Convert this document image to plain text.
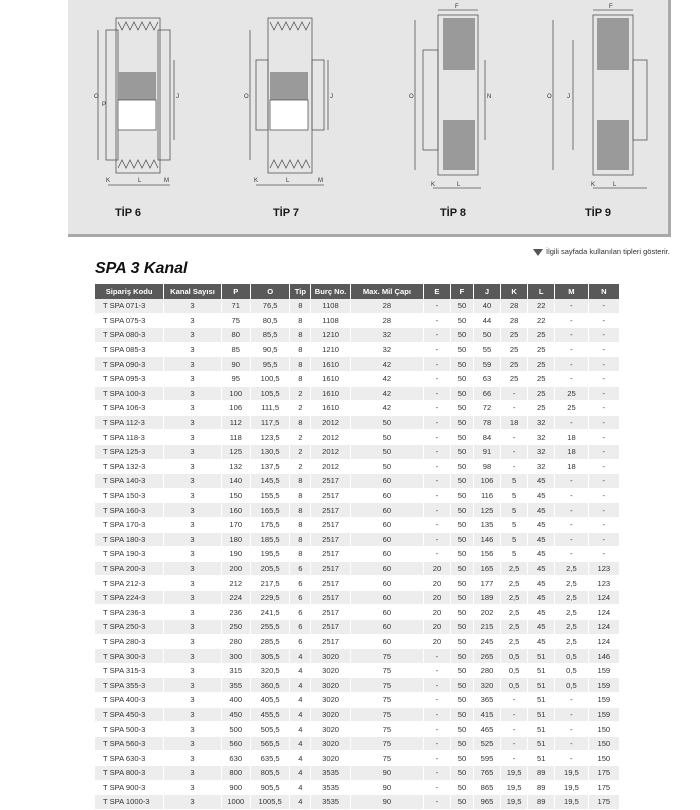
O
P
J
K	L	M
O	J
K	L	M
F
O	N
K	L
F
O	J
K	L
TİP 6	TİP 7	TİP 8	TİP 9
İlgili sayfada kullanılan tipleri gösterir.
SPA 3 Kanal
Sipariş Kodu	Kanal Sayısı	P	O	Tip	Burç No.	Max. Mil Çapı	E	F	J	K	L	M	N
T SPA 071-3	3	71	76,5	8	1108	28	-	50	40	28	22	-	-
T SPA 075-3	3	75	80,5	8	1108	28	-	50	44	28	22	-	-
T SPA 080-3	3	80	85,5	8	1210	32	-	50	50	25	25	-	-
T SPA 085-3	3	85	90,5	8	1210	32	-	50	55	25	25	-	-
T SPA 090-3	3	90	95,5	8	1610	42	-	50	59	25	25	-	-
T SPA 095-3	3	95	100,5	8	1610	42	-	50	63	25	25	-	-
T SPA 100-3	3	100	105,5	2	1610	42	-	50	66	-	25	25	-
T SPA 106-3	3	106	111,5	2	1610	42	-	50	72	-	25	25	-
T SPA 112-3	3	112	117,5	8	2012	50	-	50	78	18	32	-	-
T SPA 118-3	3	118	123,5	2	2012	50	-	50	84	-	32	18	-
T SPA 125-3	3	125	130,5	2	2012	50	-	50	91	-	32	18	-
T SPA 132-3	3	132	137,5	2	2012	50	-	50	98	-	32	18	-
T SPA 140-3	3	140	145,5	8	2517	60	-	50	106	5	45	-	-
T SPA 150-3	3	150	155,5	8	2517	60	-	50	116	5	45	-	-
T SPA 160-3	3	160	165,5	8	2517	60	-	50	125	5	45	-	-
T SPA 170-3	3	170	175,5	8	2517	60	-	50	135	5	45	-	-
T SPA 180-3	3	180	185,5	8	2517	60	-	50	146	5	45	-	-
T SPA 190-3	3	190	195,5	8	2517	60	-	50	156	5	45	-	-
T SPA 200-3	3	200	205,5	6	2517	60	20	50	165	2,5	45	2,5	123
T SPA 212-3	3	212	217,5	6	2517	60	20	50	177	2,5	45	2,5	123
T SPA 224-3	3	224	229,5	6	2517	60	20	50	189	2,5	45	2,5	124
T SPA 236-3	3	236	241,5	6	2517	60	20	50	202	2,5	45	2,5	124
T SPA 250-3	3	250	255,5	6	2517	60	20	50	215	2,5	45	2,5	124
T SPA 280-3	3	280	285,5	6	2517	60	20	50	245	2,5	45	2,5	124
T SPA 300-3	3	300	305,5	4	3020	75	-	50	265	0,5	51	0,5	146
T SPA 315-3	3	315	320,5	4	3020	75	-	50	280	0,5	51	0,5	159
T SPA 355-3	3	355	360,5	4	3020	75	-	50	320	0,5	51	0,5	159
T SPA 400-3	3	400	405,5	4	3020	75	-	50	365	-	51	-	159
T SPA 450-3	3	450	455,5	4	3020	75	-	50	415	-	51	-	159
T SPA 500-3	3	500	505,5	4	3020	75	-	50	465	-	51	-	150
T SPA 560-3	3	560	565,5	4	3020	75	-	50	525	-	51	-	150
T SPA 630-3	3	630	635,5	4	3020	75	-	50	595	-	51	-	150
T SPA 800-3	3	800	805,5	4	3535	90	-	50	765	19,5	89	19,5	175
T SPA 900-3	3	900	905,5	4	3535	90	-	50	865	19,5	89	19,5	175
T SPA 1000-3	3	1000	1005,5	4	3535	90	-	50	965	19,5	89	19,5	175
